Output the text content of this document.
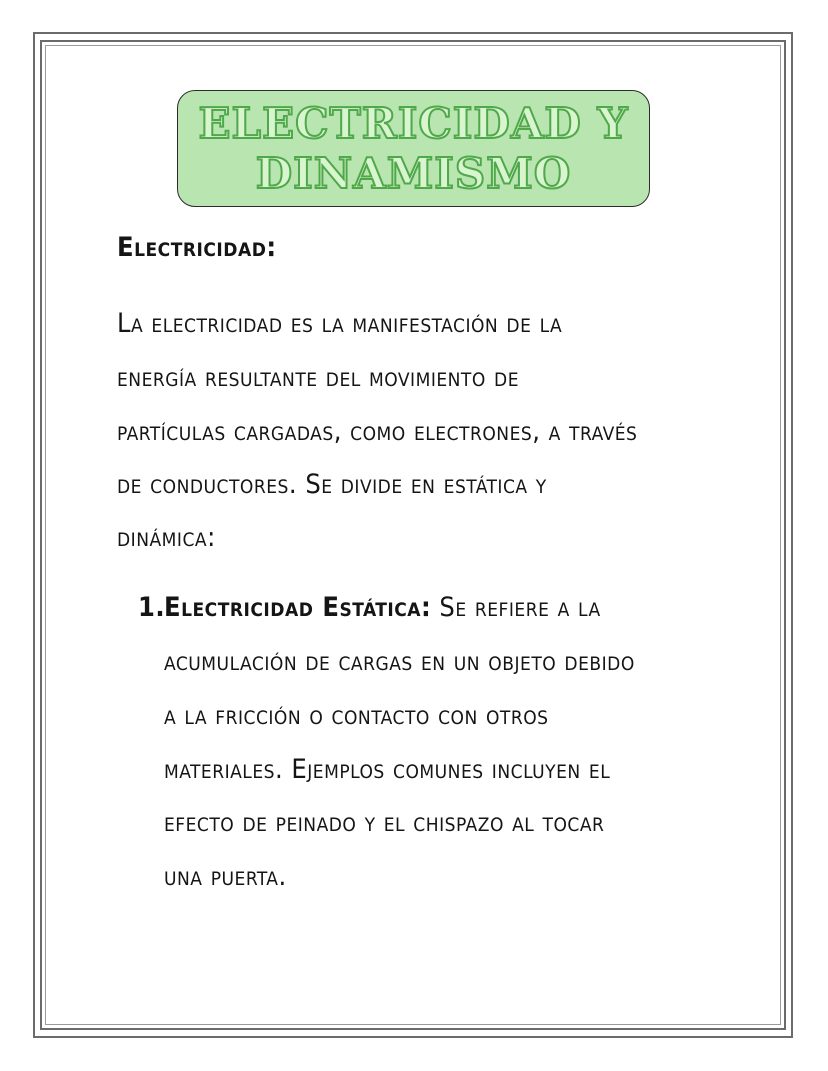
ELECTRICIDAD Y
DINAMISMO
Electricidad:
La electricidad es la manifestación de la
energía resultante del movimiento de
partículas cargadas, como electrones, a través
de conductores. Se divide en estática y
dinámica:
1.
Electricidad Estática: Se refiere a la
acumulación de cargas en un objeto debido
a la fricción o contacto con otros
materiales. Ejemplos comunes incluyen el
efecto de peinado y el chispazo al tocar
una puerta.
